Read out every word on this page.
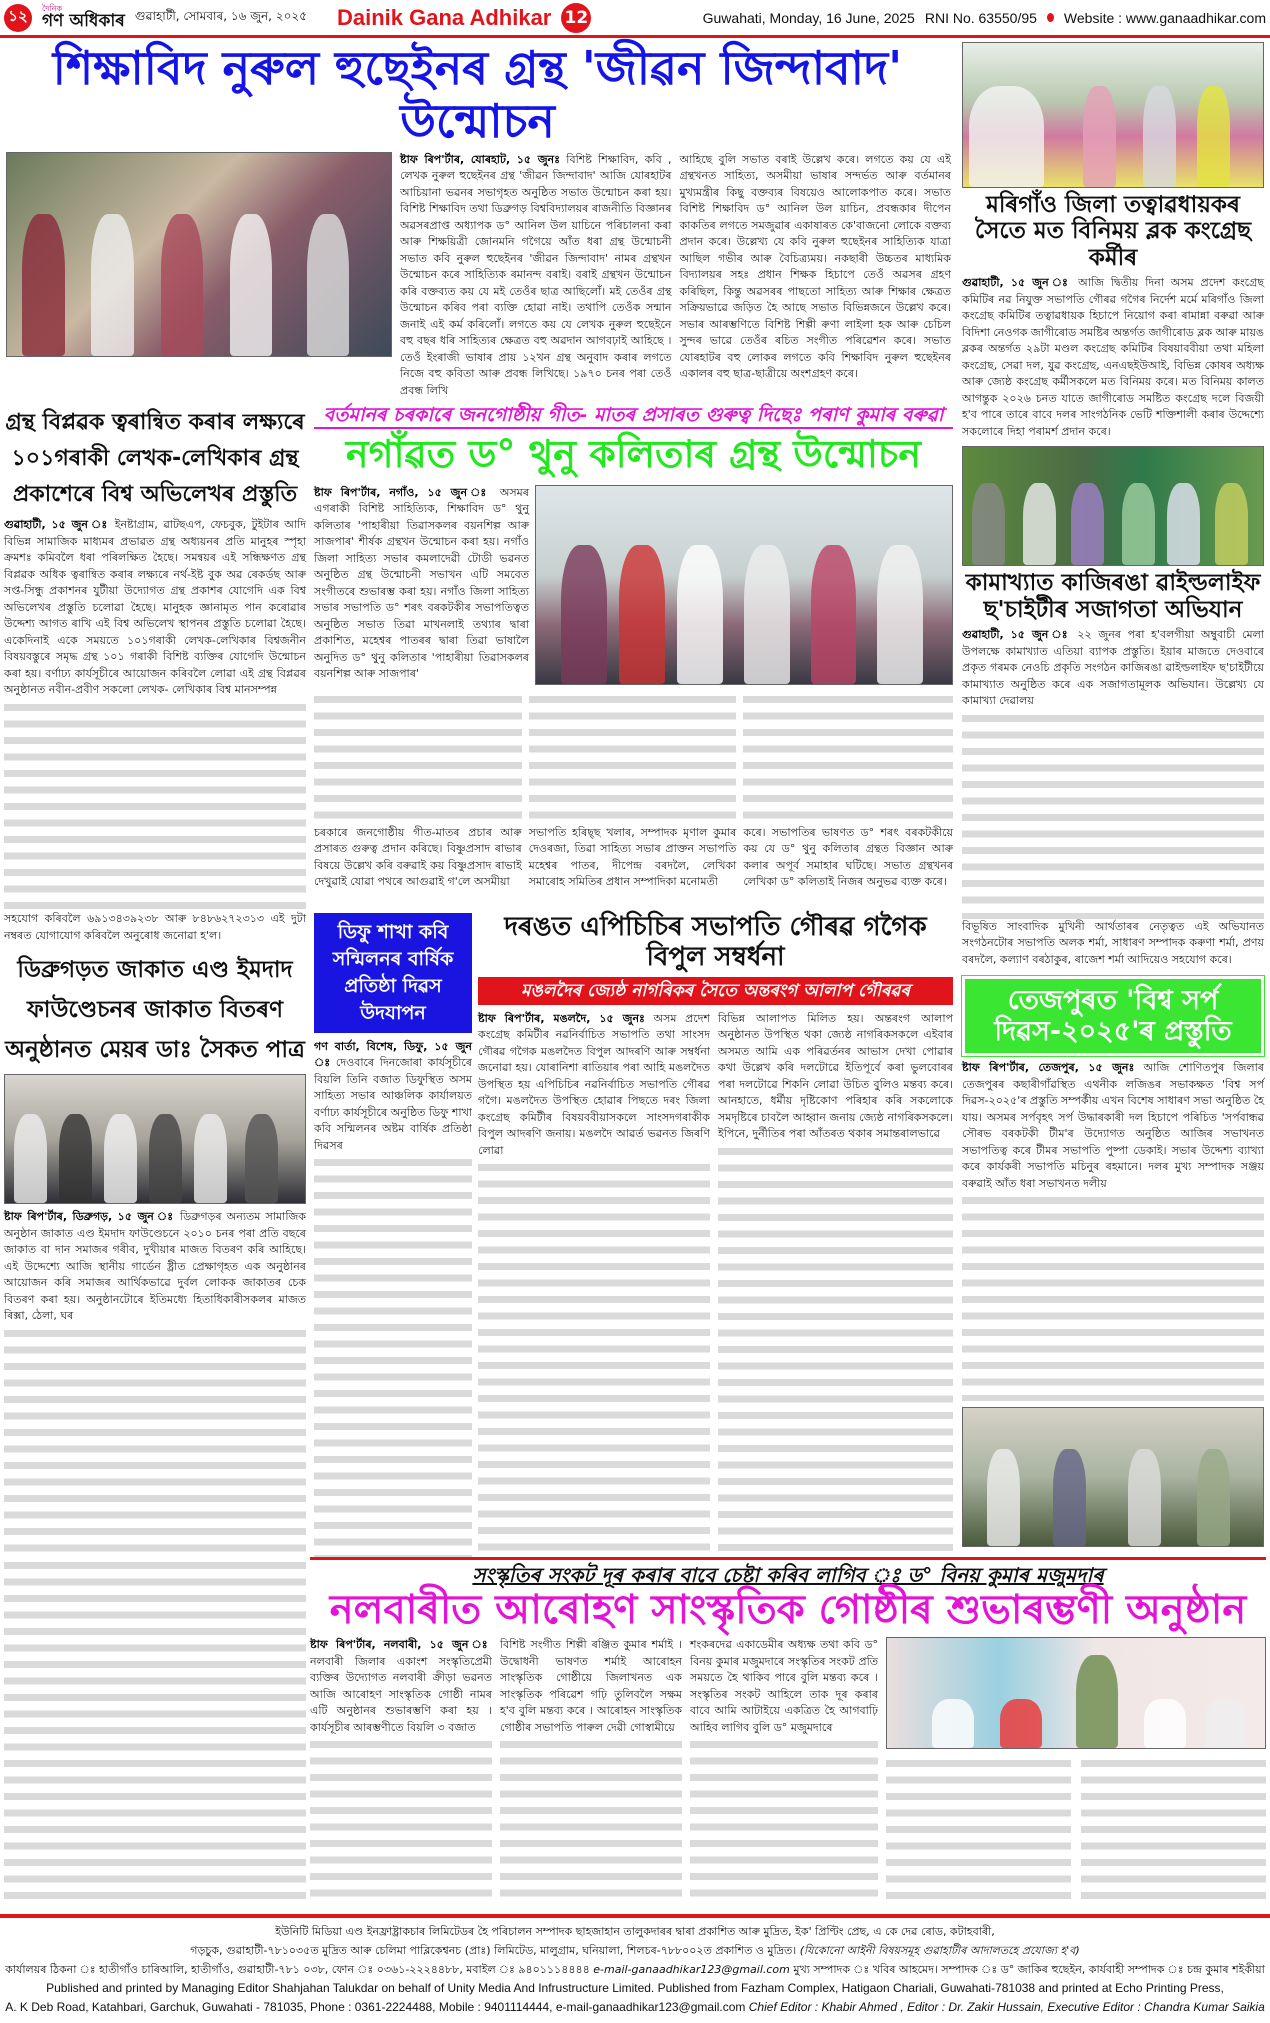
১২	দৈনিক
গণ অধিকাৰ গুৱাহাটী, সোমবাৰ, ১৬ জুন, ২০২৫ Dainik Gana Adhikar 12	Guwahati, Monday, 16 June, 2025 RNI No. 63550/95 Website : www.ganaadhikar.com
শিক্ষাবিদ নুৰুল হুছেইনৰ গ্ৰন্থ 'জীৱন জিন্দাবাদ' উন্মোচন
ষ্টাফ ৰিপ'ৰ্টাৰ, যোৰহাট, ১৫ জুনঃ বিশিষ্ট শিক্ষাবিদ, কবি , লেখক নুৰুল হুছেইনৰ গ্ৰন্থ 'জীৱন জিন্দাবাদ' আজি যোৰহাটৰ আচিয়ানা ভৱনৰ সভাগৃহত অনুষ্ঠিত সভাত উন্মোচন কৰা হয়। বিশিষ্ট শিক্ষাবিদ তথা ডিব্ৰুগড় বিশ্ববিদ্যালয়ৰ ৰাজনীতি বিজ্ঞানৰ অৱসৰপ্ৰাপ্ত অধ্যাপক ড° আনিল উল য়াচিনে পৰিচালনা কৰা আৰু শিক্ষয়িত্ৰী জোনমনি গগৈয়ে আঁত ধৰা গ্ৰন্থ উন্মোচনী সভাত কবি নুৰুল হুছেইনৰ 'জীৱন জিন্দাবাদ' নামৰ গ্ৰন্থখন উন্মোচন কৰে সাহিত্যিক ৰমানন্দ বৰাই। বৰাই গ্ৰন্থখন উন্মোচন কৰি বক্তব্যত কয় যে মই তেওঁৰ ছাত্ৰ আছিলোঁ। মই তেওঁৰ গ্ৰন্থ উন্মোচন কৰিব পৰা ব্যক্তি হোৱা নাই। তথাপি তেওঁক সন্মান জনাই এই কৰ্ম কৰিলোঁ। লগতে কয় যে লেখক নুৰুল হুছেইনে বহু বছৰ ধৰি সাহিত্যৰ ক্ষেত্ৰত বহু অৱদান আগবঢ়াই আহিছে । তেওঁ ইংৰাজী ভাষাৰ প্ৰায় ১২খন গ্ৰন্থ অনুবাদ কৰাৰ লগতে নিজে বহু কবিতা আৰু প্ৰবন্ধ লিখিছে। ১৯৭০ চনৰ পৰা তেওঁ প্ৰবন্ধ লিখি
আহিছে বুলি সভাত বৰাই উল্লেখ কৰে। লগতে কয় যে এই গ্ৰন্থখনত সাহিত্য, অসমীয়া ভাষাৰ সন্দৰ্ভত আৰু বৰ্তমানৰ মুখ্যমন্ত্ৰীৰ কিছু বক্তব্যৰ বিষয়েও আলোকপাত কৰে। সভাত বিশিষ্ট শিক্ষাবিদ ড° আনিল উল য়াচিন, প্ৰবন্ধকাৰ দীপেন কাকতিৰ লগতে সমজুৱাৰ একাষাৰত কে'বাজনো লোকে বক্তব্য প্ৰদান কৰে। উল্লেখ্য যে কবি নুৰুল হুছেইনৰ সাহিত্যিক যাত্ৰা আছিল গভীৰ আৰু বৈচিত্ৰ্যময়। নকছাৰী উচ্চতৰ মাধ্যমিক বিদ্যালয়ৰ সহঃ প্ৰধান শিক্ষক হিচাপে তেওঁ অৱসৰ গ্ৰহণ কৰিছিল, কিন্তু অৱসৰৰ পাছতো সাহিত্য আৰু শিক্ষাৰ ক্ষেত্ৰত সক্ৰিয়ভাৱে জড়িত হৈ আছে সভাত বিভিন্নজনে উল্লেখ কৰে। সভাৰ আৰম্ভণিতে বিশিষ্ট শিল্পী ৰুণা লাইলা হক আৰু চেচিল সুন্দৰ ভাৱে তেওঁৰ ৰচিত সংগীত পৰিৱেশন কৰে। সভাত যোৰহাটৰ বহু লোকৰ লগতে কবি শিক্ষাবিদ নুৰুল হুছেইনৰ একালৰ বহু ছাত্ৰ-ছাত্ৰীয়ে অংশগ্ৰহণ কৰে।
গ্ৰন্থ বিপ্লৱক ত্বৰান্বিত কৰাৰ লক্ষ্যৰে ১০১গৰাকী লেখক-লেখিকাৰ গ্ৰন্থ প্ৰকাশেৰে বিশ্ব অভিলেখৰ প্ৰস্তুতি
গুৱাহাটী, ১৫ জুন ঃ ইনষ্টাগ্ৰাম, ৱাটছএপ, ফেচবুক, টুইটাৰ আদি বিভিন্ন সামাজিক মাধ্যমৰ প্ৰভাৱত গ্ৰন্থ অধ্যয়নৰ প্ৰতি মানুহৰ স্পৃহা ক্ৰমশঃ কমিবলৈ ধৰা পৰিলক্ষিত হৈছে। সমন্বয়ৰ এই সন্ধিক্ষণত গ্ৰন্থ বিপ্লৱক অধিক ত্বৰান্বিত কৰাৰ লক্ষ্যৰে নৰ্থ-ইষ্ট বুক অৱ ৰেকৰ্ডছ আৰু সপ্ত-সিন্ধু প্ৰকাশনৰ যুটীয়া উদ্যোগত গ্ৰন্থ প্ৰকাশৰ যোগেদি এক বিশ্ব অভিলেখৰ প্ৰস্তুতি চলোৱা হৈছে। মানুহক জ্ঞানামৃত পান কৰোৱাৰ উদ্দেশ্য আগত ৰাখি এই বিশ্ব অভিলেখ স্থাপনৰ প্ৰস্তুতি চলোৱা হৈছে। একেদিনাই একে সময়তে ১০১গৰাকী লেখক-লেখিকাৰ বিশ্বজনীন বিষয়বস্তুৰে সমৃদ্ধ গ্ৰন্থ ১০১ গৰাকী বিশিষ্ট ব্যক্তিৰ যোগেদি উন্মোচন কৰা হয়। বৰ্ণাঢ্য কাৰ্যসূচীৰে আয়োজন কৰিবলৈ লোৱা এই গ্ৰন্থ বিপ্লৱৰ অনুষ্ঠানত নবীন-প্ৰবীণ সকলো লেখক- লেখিকাৰ বিশ্ব মানসম্পন্ন
সহযোগ কৰিবলৈ ৬৯১৩৪৩৯২৩৮ আৰু ৮৪৮৬২৭২৩১৩ এই দুটা নম্বৰত যোগাযোগ কৰিবলৈ অনুৰোধ জনোৱা হ'ল।
ডিব্ৰুগড়ত জাকাত এণ্ড ইমদাদ ফাউণ্ডেচনৰ জাকাত বিতৰণ অনুষ্ঠানত মেয়ৰ ডাঃ সৈকত পাত্ৰ
ষ্টাফ ৰিপ'ৰ্টাৰ, ডিব্ৰুগড়, ১৫ জুন ঃ ডিব্ৰুগড়ৰ অন্যতম সামাজিক অনুষ্ঠান জাকাত এণ্ড ইমদাদ ফাউণ্ডেচনে ২০১০ চনৰ পৰা প্ৰতি বছৰে জাকাত বা দান সমাজৰ গৰীব, দুখীয়াৰ মাজত বিতৰণ কৰি আহিছে। এই উদ্দেশ্যে আজি স্থানীয় গাৰ্ডেন ষ্ট্ৰীত প্ৰেক্ষাগৃহত এক অনুষ্ঠানৰ আয়োজন কৰি সমাজৰ আৰ্থিকভাৱে দুৰ্বল লোকক জাকাতৰ চেক বিতৰণ কৰা হয়। অনুষ্ঠানটোৰে ইতিমধ্যে হিতাধিকাৰীসকলৰ মাজত ৰিক্সা, ঠেলা, ঘৰ
বৰ্তমানৰ চৰকাৰে জনগোষ্ঠীয় গীত- মাতৰ প্ৰসাৰত গুৰুত্ব দিছেঃ পৰাণ কুমাৰ বৰুৱা
নগাঁৱত ড° থুনু কলিতাৰ গ্ৰন্থ উন্মোচন
ষ্টাফ ৰিপ'ৰ্টাৰ, নগাঁও, ১৫ জুন ঃ অসমৰ এগৰাকী বিশিষ্ট সাহিত্যিক, শিক্ষাবিদ ড° থুনু কলিতাৰ 'পাহাৰীয়া তিৱাসকলৰ বয়নশিল্প আৰু সাজপাৰ' শীৰ্ষক গ্ৰন্থখন উন্মোচন কৰা হয়। নগাঁও জিলা সাহিত্য সভাৰ কমলাদেৱী টোডী ভৱনত অনুষ্ঠিত গ্ৰন্থ উন্মোচনী সভাখন এটি সমবেত সংগীতৰে শুভাৰম্ভ কৰা হয়। নগাঁও জিলা সাহিত্য সভাৰ সভাপতি ড° শৰৎ বৰকটকীৰ সভাপতিত্বত অনুষ্ঠিত সভাত তিৱা মাখনলাই তথ্যাৰ দ্বাৰা প্ৰকাশিত, মহেশ্বৰ পাতৰৰ দ্বাৰা তিৱা ভাষালৈ অনুদিত ড° থুনু কলিতাৰ 'পাহাৰীয়া তিৱাসকলৰ বয়নশিল্প আৰু সাজপাৰ'
চৰকাৰে জনগোষ্ঠীয় গীত-মাতৰ প্ৰচাৰ আৰু প্ৰসাৰত গুৰুত্ব প্ৰদান কৰিছে। বিষ্ণুপ্ৰসাদ ৰাভাৰ বিষয়ে উল্লেখ কৰি বৰুৱাই কয় বিষ্ণুপ্ৰসাদ ৰাভাই দেখুৱাই যোৱা পথৰে আগুৱাই গ'লে অসমীয়া
সভাপতি হৰিছ্ছ খলাৰ, সম্পাদক মৃণাল কুমাৰ দেওৰজা, তিৱা সাহিত্য সভাৰ প্ৰাক্তন সভাপতি মহেশ্বৰ পাতৰ, দীপেন্দ্ৰ বৰদলৈ, লেখিকা সমাৰোহ সমিতিৰ প্ৰধান সম্পাদিকা মনোমতী
কৰে। সভাপতিৰ ভাষণত ড° শৰৎ বৰকটকীয়ে কয় যে ড° থুনু কলিতাৰ গ্ৰন্থত বিজ্ঞান আৰু কলাৰ অপূৰ্ব সমাহাৰ ঘটিছে। সভাত গ্ৰন্থখনৰ লেখিকা ড° কলিতাই নিজৰ অনুভৱ ব্যক্ত কৰে।
ডিফু শাখা কবি সন্মিলনৰ বাৰ্ষিক প্ৰতিষ্ঠা দিৱস উদযাপন
গণ বাৰ্তা, বিশেষ, ডিফু, ১৫ জুন ঃ দেওবাৰে দিনজোৰা কাৰ্যসূচীৰে বিয়লি তিনি বজাত ডিফুস্থিত অসম সাহিত্য সভাৰ আঞ্চলিক কাৰ্যালয়ত বৰ্ণাঢ্য কাৰ্যসূচীৰে অনুষ্ঠিত ডিফু শাখা কবি সন্মিলনৰ অষ্টম বাৰ্ষিক প্ৰতিষ্ঠা দিৱসৰ
দৰঙত এপিচিচিৰ সভাপতি গৌৰৱ গগৈক বিপুল সম্বৰ্ধনা
মঙলদৈৰ জ্যেষ্ঠ নাগৰিকৰ সৈতে অন্তৰংগ আলাপ গৌৰৱৰ
ষ্টাফ ৰিপ'ৰ্টাৰ, মঙলদৈ, ১৫ জুনঃ অসম প্ৰদেশ কংগ্ৰেছ কমিটীৰ নৱনিৰ্বাচিত সভাপতি তথা সাংসদ গৌৰৱ গগৈক মঙলদৈত বিপুল আদৰণি আৰু সম্বৰ্ধনা জনোৱা হয়। যোৰানিশা ৰাতিয়াৰ পৰা আহি মঙলদৈত উপস্থিত হয় এপিচিচিৰ নৱনিৰ্বাচিত সভাপতি গৌৰৱ গগৈ। মঙলদৈত উপস্থিত হোৱাৰ পিছতে দৰং জিলা কংগ্ৰেছ কমিটীৰ বিষয়ববীয়াসকলে সাংসদগৰাকীক বিপুল আদৰণি জনায়। মঙলদৈ আৱৰ্ত ভৱনত জিৰণি লোৱা
বিভিন্ন আলাপত মিলিত হয়। অন্তৰংগ আলাপ অনুষ্ঠানত উপস্থিত থকা জ্যেষ্ঠ নাগৰিকসকলে এইবাৰ অসমত আমি এক পৰিৱৰ্তনৰ আভাস দেখা পোৱাৰ কথা উল্লেখ কৰি দলটোৱে ইতিপূৰ্বে কৰা ভুলবোৰৰ পৰা দলটোৱে শিকনি লোৱা উচিত বুলিও মন্তব্য কৰে। আনহাতে, ধৰ্মীয় দৃষ্টিকোণ পৰিহাৰ কৰি সকলোকে সমদৃষ্টিৰে চাবলৈ আহ্বান জনায় জ্যেষ্ঠ নাগৰিকসকলে। ইপিনে, দুৰ্নীতিৰ পৰা আঁতৰত থকাৰ সমান্তৰালভাৱে
মৰিগাঁও জিলা তত্বাৱধায়কৰ সৈতে মত বিনিময় ব্লক কংগ্ৰেছ কৰ্মীৰ
গুৱাহাটী, ১৫ জুন ঃ আজি দ্বিতীয় দিনা অসম প্ৰদেশ কংগ্ৰেছ কমিটিৰ নৱ নিযুক্ত সভাপতি গৌৰৱ গগৈৰ নিৰ্দেশ মৰ্মে মৰিগাঁও জিলা কংগ্ৰেছ কমিটিৰ তত্বাৱধায়ক হিচাপে নিয়োগ কৰা ৰামান্না বৰুৱা আৰু বিদিশা নেওগক জাগীৰোড সমষ্টিৰ অন্তৰ্গত জাগীৰোড ব্লক আৰু মায়ঙ ব্লকৰ অন্তৰ্গত ২৯টা মণ্ডল কংগ্ৰেছ কমিটিৰ বিষয়াববীয়া তথা মহিলা কংগ্ৰেছ, সেৱা দল, যুৱ কংগ্ৰেছ, এনএছইউআই, বিভিন্ন কোষৰ অধ্যক্ষ আৰু জ্যেষ্ঠ কংগ্ৰেছ কৰ্মীসকলে মত বিনিময় কৰে। মত বিনিময় কালত আগন্তুক ২০২৬ চনত যাতে জাগীৰোড সমষ্টিত কংগ্ৰেছ দলে বিজয়ী হ'ব পাৰে তাৰে বাবে দলৰ সাংগঠনিক ভেটি শক্তিশালী কৰাৰ উদ্দেশ্যে সকলোৰে দিহা পৰামৰ্শ প্ৰদান কৰে।
কামাখ্যাত কাজিৰঙা ৱাইল্ডলাইফ ছ'চাইটীৰ সজাগতা অভিযান
গুৱাহাটী, ১৫ জুন ঃ ২২ জুনৰ পৰা হ'বলগীয়া অম্বুবাচী মেলা উপলক্ষে কামাখ্যাত এতিয়া ব্যাপক প্ৰস্তুতি। ইয়াৰ মাজতে দেওবাৰে প্ৰকৃত গৰমক নেওচি প্ৰকৃতি সংগঠন কাজিৰঙা ৱাইল্ডলাইফ ছ'চাইটীয়ে কামাখ্যাত অনুষ্ঠিত কৰে এক সজাগতামূলক অভিযান। উল্লেখ্য যে কামাখ্যা দেৱালয়
বিভূষিত সাংবাদিক মুখিনী আৰ্থতাৰৰ নেতৃত্বত এই অভিযানত সংগঠনটোৰ সভাপতি অলক শৰ্মা, সাধাৰণ সম্পাদক কৰুণা শৰ্মা, প্ৰণয় বৰদলৈ, কল্যাণ বৰঠাকুৰ, ৰাজেশ শৰ্মা আদিয়েও সহযোগ কৰে।
তেজপুৰত 'বিশ্ব সৰ্প দিৱস-২০২৫'ৰ প্ৰস্তুতি
ষ্টাফ ৰিপ'ৰ্টাৰ, তেজপুৰ, ১৫ জুনঃ আজি শোণিতপুৰ জিলাৰ তেজপুৰৰ কছাৰীগাঁৱস্থিত এথনীক লজিঙৰ সভাকক্ষত 'বিশ্ব সৰ্প দিৱস-২০২৫'ৰ প্ৰস্তুতি সম্পৰ্কীয় এখন বিশেষ সাধাৰণ সভা অনুষ্ঠিত হৈ যায়। অসমৰ সৰ্পবৃহৎ সৰ্প উদ্ধাৰকাৰী দল হিচাপে পৰিচিত 'সৰ্পবান্ধৱ সৌৰভ বৰকটকী টীম'ৰ উদ্যোগত অনুষ্ঠিত আজিৰ সভাখনত সভাপতিত্ব কৰে টীমৰ সভাপতি পুষ্পা ডেকাই। সভাৰ উদ্দেশ্য ব্যাখ্যা কৰে কাৰ্যকৰী সভাপতি মচিনুৰ ৰহমানে। দলৰ মুখ্য সম্পাদক সঞ্জয় বৰুৱাই আঁত ধৰা সভাখনত দলীয়
সংস্কৃতিৰ সংকট দূৰ কৰাৰ বাবে চেষ্টা কৰিব লাগিব ঃ ড° বিনয় কুমাৰ মজুমদাৰ
নলবাৰীত আৰোহণ সাংস্কৃতিক গোষ্ঠীৰ শুভাৰম্ভণী অনুষ্ঠান
ষ্টাফ ৰিপ'ৰ্টাৰ, নলবাৰী, ১৫ জুন ঃ নলবাৰী জিলাৰ একাংশ সংস্কৃতিপ্ৰেমী ব্যক্তিৰ উদ্যোগত নলবাৰী ক্ৰীড়া ভৱনত আজি আৰোহণ সাংস্কৃতিক গোষ্ঠী নামৰ এটি অনুষ্ঠানৰ শুভাৰম্ভণি কৰা হয় । কাৰ্যসূচীৰ আৰম্ভণীতে বিয়লি ৩ বজাত
বিশিষ্ট সংগীত শিল্পী ৰঞ্জিত কুমাৰ শৰ্মাই । উদ্বোধনী ভাষণত শৰ্মাই আৰোহন সাংস্কৃতিক গোষ্ঠীয়ে জিলাখনত এক সাংস্কৃতিক পৰিৱেশ গঢ়ি তুলিবলৈ সক্ষম হ'ব বুলি মন্তব্য কৰে । আৰোহন সাংস্কৃতিক গোষ্ঠীৰ সভাপতি পাৰুল দেৱী গোস্বামীয়ে
শংকৰদেৱ একাডেমীৰ অধ্যক্ষ তথা কবি ড° বিনয় কুমাৰ মজুমদাৰে সংস্কৃতিৰ সংকট প্ৰতি সময়তে হৈ থাকিব পাৰে বুলি মন্তব্য কৰে । সংস্কৃতিৰ সংকট আহিলে তাক দূৰ কৰাৰ বাবে আমি আটাইয়ে একত্ৰিত হৈ আগবাঢ়ি আহিব লাগিব বুলি ড° মজুমদাৰে
ইউনিটি মিডিয়া এণ্ড ইনফ্ৰাষ্ট্ৰাকচাৰ লিমিটেডৰ হৈ পৰিচালন সম্পাদক ছাহজাহান তালুকদাৰৰ দ্বাৰা প্ৰকাশিত আৰু মুদ্ৰিত, ইক' প্ৰিণ্টিং প্ৰেছ, এ কে দেৱ ৰোড, কটাহবাৰী,
গড়চুক, গুৱাহাটী-৭৮১০৩৫ত মুদ্ৰিত আৰু চেলিমা পাব্লিকেশ্বনচ (প্ৰাঃ) লিমিটেড, মালুগ্ৰাম, ঘনিয়ালা, শিলচৰ-৭৮৮০০২ত প্ৰকাশিত ও মুদ্ৰিত। (যিকোনো আইনী বিষয়সমূহ গুৱাহাটীৰ আদালতহে প্ৰযোজ্য হ'ব)
কাৰ্যালয়ৰ ঠিকনা ঃ হাতীগাঁও চাৰিআলি, হাতীগাঁও, গুৱাহাটী-৭৮১ ০৩৮, ফোন ঃ ০৩৬১-২২২৪৪৮৮, মবাইল ঃ ৯৪০১১১৪৪৪৪ e-mail-ganaadhikar123@gmail.com মুখ্য সম্পাদক ঃ খবিৰ আহমেদ। সম্পাদক ঃ ড° জাকিৰ হুছেইন, কাৰ্যবাহী সম্পাদক ঃ চন্দ্ৰ কুমাৰ শইকীয়া
Published and printed by Managing Editor Shahjahan Talukdar on behalf of Unity Media And Infrustructure Limited. Published from Fazham Complex, Hatigaon Chariali, Guwahati-781038 and printed at Echo Printing Press,
A. K Deb Road, Katahbari, Garchuk, Guwahati - 781035, Phone : 0361-2224488, Mobile : 9401114444, e-mail-ganaadhikar123@gmail.com Chief Editor : Khabir Ahmed , Editor : Dr. Zakir Hussain, Executive Editor : Chandra Kumar Saikia
